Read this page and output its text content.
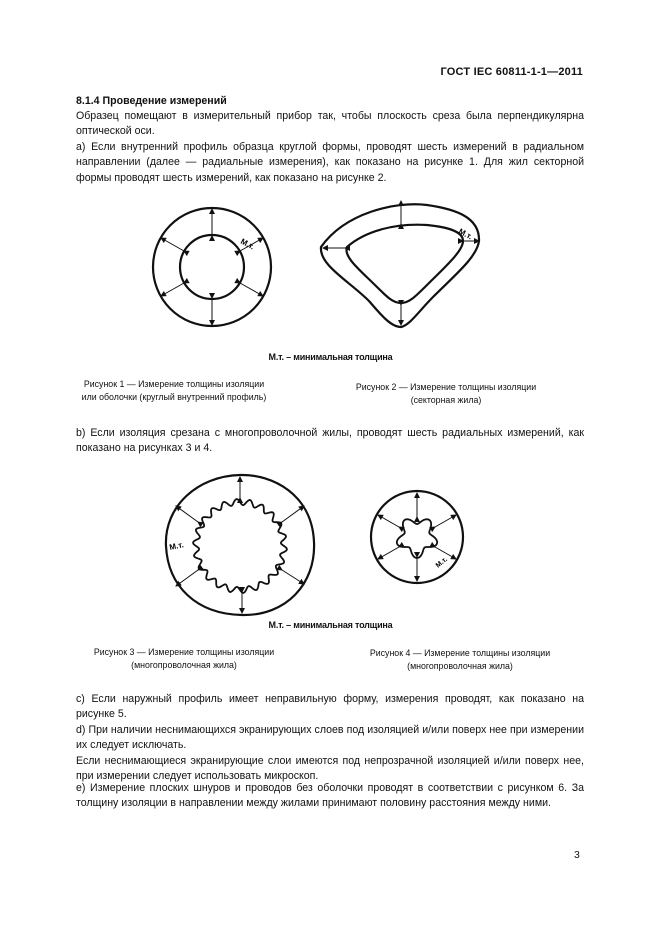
ГОСТ IEC 60811-1-1—2011
8.1.4 Проведение измерений
Образец помещают в измерительный прибор так, чтобы плоскость среза была перпендикулярна оптической оси.
а) Если внутренний профиль образца круглой формы, проводят шесть измерений в радиальном направлении (далее — радиальные измерения), как показано на рисунке 1. Для жил секторной формы проводят шесть измерений, как показано на рисунке 2.
М.т.
М.т.
М.т. – минимальная толщина
Рисунок 1 — Измерение толщины изоляции
или оболочки (круглый внутренний профиль)
Рисунок 2 — Измерение толщины изоляции
(секторная жила)
b) Если изоляция срезана с многопроволочной жилы, проводят шесть радиальных измерений, как показано на рисунках 3 и 4.
М.т.
М.т.
М.т. – минимальная толщина
Рисунок 3 — Измерение толщины изоляции
(многопроволочная жила)
Рисунок 4 — Измерение толщины изоляции
(многопроволочная жила)
c) Если наружный профиль имеет неправильную форму, измерения проводят, как показано на рисунке 5.
d) При наличии неснимающихся экранирующих слоев под изоляцией и/или поверх нее при измерении их следует исключать.
Если неснимающиеся экранирующие слои имеются под непрозрачной изоляцией и/или поверх нее, при измерении следует использовать микроскоп.
e) Измерение плоских шнуров и проводов без оболочки проводят в соответствии с рисунком 6. За толщину изоляции в направлении между жилами принимают половину расстояния между ними.
3
